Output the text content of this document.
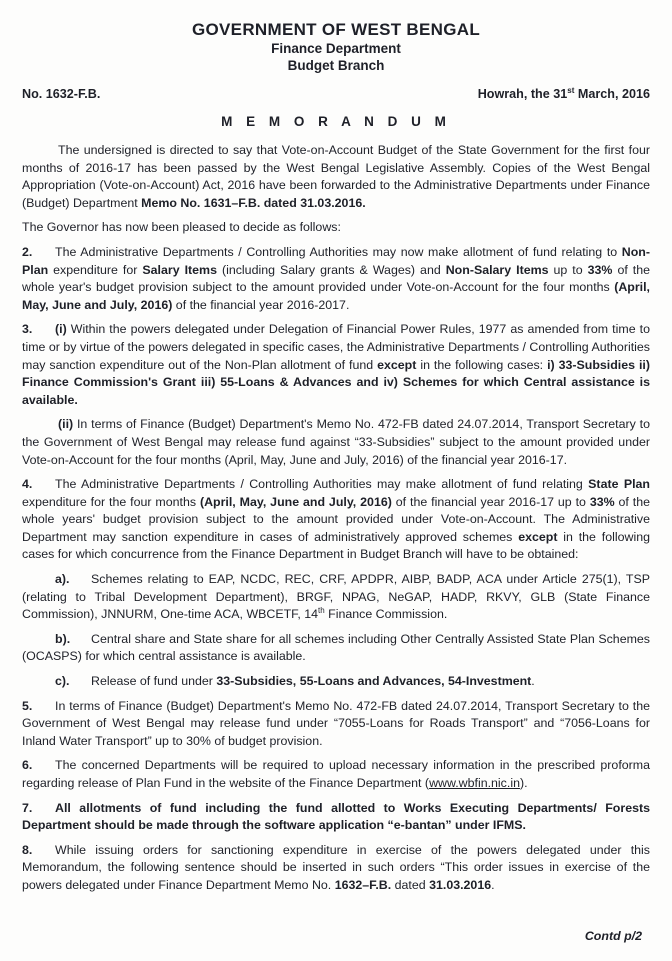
GOVERNMENT OF WEST BENGAL
Finance Department
Budget Branch
No. 1632-F.B.	Howrah, the 31st March, 2016
M E M O R A N D U M

The undersigned is directed to say that Vote-on-Account Budget of the State Government for the first four months of 2016-17 has been passed by the West Bengal Legislative Assembly. Copies of the West Bengal Appropriation (Vote-on-Account) Act, 2016 have been forwarded to the Administrative Departments under Finance (Budget) Department Memo No. 1631–F.B. dated 31.03.2016.

The Governor has now been pleased to decide as follows:

2. The Administrative Departments / Controlling Authorities may now make allotment of fund relating to Non-Plan expenditure for Salary Items (including Salary grants & Wages) and Non-Salary Items up to 33% of the whole year's budget provision subject to the amount provided under Vote-on-Account for the four months (April, May, June and July, 2016) of the financial year 2016-2017.

3. (i) Within the powers delegated under Delegation of Financial Power Rules, 1977 as amended from time to time or by virtue of the powers delegated in specific cases, the Administrative Departments / Controlling Authorities may sanction expenditure out of the Non-Plan allotment of fund except in the following cases: i) 33-Subsidies ii) Finance Commission's Grant iii) 55-Loans & Advances and iv) Schemes for which Central assistance is available.

(ii) In terms of Finance (Budget) Department's Memo No. 472-FB dated 24.07.2014, Transport Secretary to the Government of West Bengal may release fund against “33-Subsidies” subject to the amount provided under Vote-on-Account for the four months (April, May, June and July, 2016) of the financial year 2016-17.

4. The Administrative Departments / Controlling Authorities may make allotment of fund relating State Plan expenditure for the four months (April, May, June and July, 2016) of the financial year 2016-17 up to 33% of the whole years' budget provision subject to the amount provided under Vote-on-Account. The Administrative Department may sanction expenditure in cases of administratively approved schemes except in the following cases for which concurrence from the Finance Department in Budget Branch will have to be obtained:

a). Schemes relating to EAP, NCDC, REC, CRF, APDPR, AIBP, BADP, ACA under Article 275(1), TSP (relating to Tribal Development Department), BRGF, NPAG, NeGAP, HADP, RKVY, GLB (State Finance Commission), JNNURM, One-time ACA, WBCETF, 14th Finance Commission.

b). Central share and State share for all schemes including Other Centrally Assisted State Plan Schemes (OCASPS) for which central assistance is available.

c). Release of fund under 33-Subsidies, 55-Loans and Advances, 54-Investment.

5. In terms of Finance (Budget) Department's Memo No. 472-FB dated 24.07.2014, Transport Secretary to the Government of West Bengal may release fund under “7055-Loans for Roads Transport” and “7056-Loans for Inland Water Transport” up to 30% of budget provision.

6. The concerned Departments will be required to upload necessary information in the prescribed proforma regarding release of Plan Fund in the website of the Finance Department (www.wbfin.nic.in).

7. All allotments of fund including the fund allotted to Works Executing Departments/ Forests Department should be made through the software application “e-bantan” under IFMS.

8. While issuing orders for sanctioning expenditure in exercise of the powers delegated under this Memorandum, the following sentence should be inserted in such orders “This order issues in exercise of the powers delegated under Finance Department Memo No. 1632–F.B. dated 31.03.2016.

Contd p/2
